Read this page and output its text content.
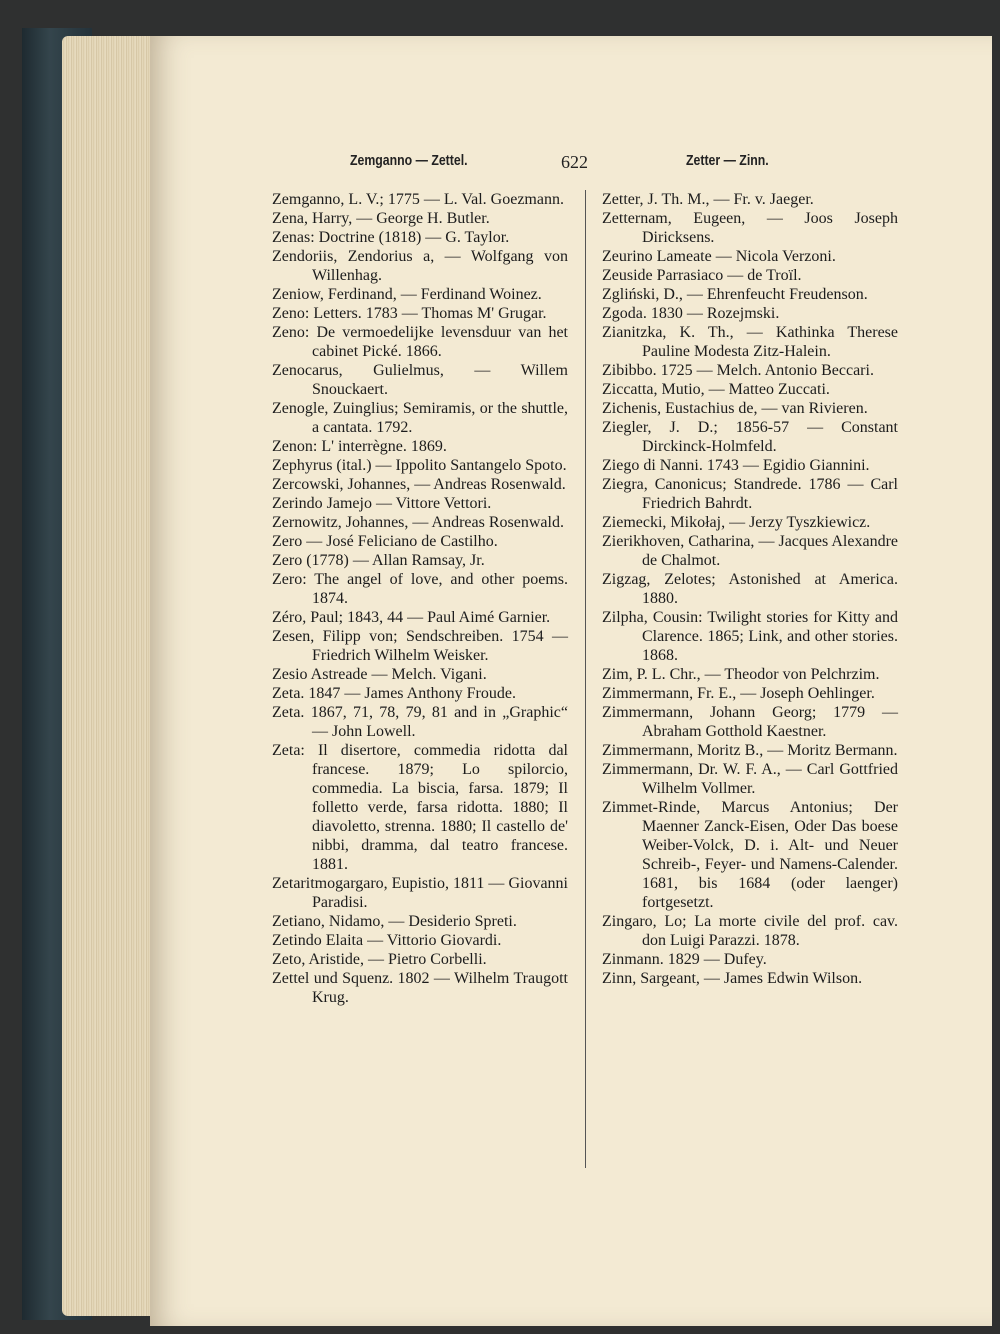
Zemganno — Zettel.	622	Zetter — Zinn.

Zemganno, L. V.; 1775 — L. Val. Goezmann.

Zena, Harry, — George H. Butler.

Zenas: Doctrine (1818) — G. Taylor.

Zendoriis, Zendorius a, — Wolfgang von Willenhag.

Zeniow, Ferdinand, — Ferdinand Woinez.

Zeno: Letters. 1783 — Thomas M' Grugar.

Zeno: De vermoedelijke levensduur van het cabinet Pické. 1866.

Zenocarus, Gulielmus, — Willem Snouckaert.

Zenogle, Zuinglius; Semiramis, or the shuttle, a cantata. 1792.

Zenon: L' interrègne. 1869.

Zephyrus (ital.) — Ippolito Santangelo Spoto.

Zercowski, Johannes, — Andreas Rosenwald.

Zerindo Jamejo — Vittore Vettori.

Zernowitz, Johannes, — Andreas Rosenwald.

Zero — José Feliciano de Castilho.

Zero (1778) — Allan Ramsay, Jr.

Zero: The angel of love, and other poems. 1874.

Zéro, Paul; 1843, 44 — Paul Aimé Garnier.

Zesen, Filipp von; Sendschreiben. 1754 — Friedrich Wilhelm Weisker.

Zesio Astreade — Melch. Vigani.

Zeta. 1847 — James Anthony Froude.

Zeta. 1867, 71, 78, 79, 81 and in „Graphic“ — John Lowell.

Zeta: Il disertore, commedia ridotta dal francese. 1879; Lo spilorcio, commedia. La biscia, farsa. 1879; Il folletto verde, farsa ridotta. 1880; Il diavoletto, strenna. 1880; Il castello de' nibbi, dramma, dal teatro francese. 1881.

Zetaritmogargaro, Eupistio, 1811 — Giovanni Paradisi.

Zetiano, Nidamo, — Desiderio Spreti.

Zetindo Elaita — Vittorio Giovardi.

Zeto, Aristide, — Pietro Corbelli.

Zettel und Squenz. 1802 — Wilhelm Traugott Krug.

Zetter, J. Th. M., — Fr. v. Jaeger.

Zetternam, Eugeen, — Joos Joseph Diricksens.

Zeurino Lameate — Nicola Verzoni.

Zeuside Parrasiaco — de Troïl.

Zgliński, D., — Ehrenfeucht Freudenson.

Zgoda. 1830 — Rozejmski.

Zianitzka, K. Th., — Kathinka Therese Pauline Modesta Zitz-Halein.

Zibibbo. 1725 — Melch. Antonio Beccari.

Ziccatta, Mutio, — Matteo Zuccati.

Zichenis, Eustachius de, — van Rivieren.

Ziegler, J. D.; 1856-57 — Constant Dirckinck-Holmfeld.

Ziego di Nanni. 1743 — Egidio Giannini.

Ziegra, Canonicus; Standrede. 1786 — Carl Friedrich Bahrdt.

Ziemecki, Mikołaj, — Jerzy Tyszkiewicz.

Zierikhoven, Catharina, — Jacques Alexandre de Chalmot.

Zigzag, Zelotes; Astonished at America. 1880.

Zilpha, Cousin: Twilight stories for Kitty and Clarence. 1865; Link, and other stories. 1868.

Zim, P. L. Chr., — Theodor von Pelchrzim.

Zimmermann, Fr. E., — Joseph Oehlinger.

Zimmermann, Johann Georg; 1779 — Abraham Gotthold Kaestner.

Zimmermann, Moritz B., — Moritz Bermann.

Zimmermann, Dr. W. F. A., — Carl Gottfried Wilhelm Vollmer.

Zimmet-Rinde, Marcus Antonius; Der Maenner Zanck-Eisen, Oder Das boese Weiber-Volck, D. i. Alt- und Neuer Schreib-, Feyer- und Namens-Calender. 1681, bis 1684 (oder laenger) fortgesetzt.

Zingaro, Lo; La morte civile del prof. cav. don Luigi Parazzi. 1878.

Zinmann. 1829 — Dufey.

Zinn, Sargeant, — James Edwin Wilson.
